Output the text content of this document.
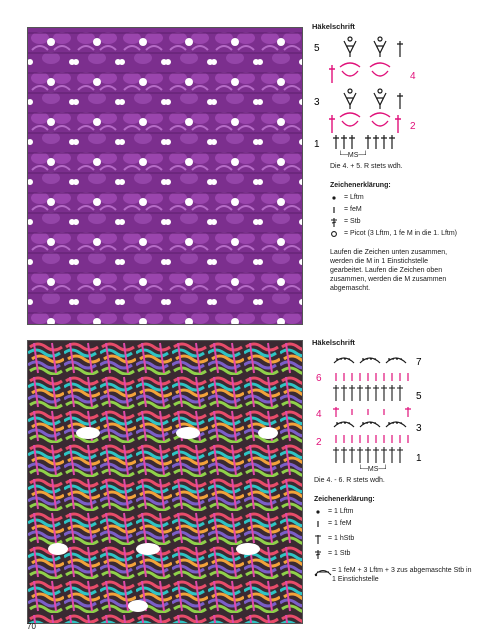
Häkelschrift
5
4
3
2
1
└─MS─┘
Die 4. + 5. R stets wdh.
Zeichenerklärung:
= Lftm
= feM
= Stb
= Picot (3 Lftm, 1 fe M in die 1. Lftm)
Laufen die Zeichen unten zusammen, werden die M in 1 Einstichstelle gearbeitet. Laufen die Zeichen oben zusammen, werden die M zusammen abgemascht.
Häkelschrift
7
6
5
4
3
2
1
└─MS─┘
Die 4. - 6. R stets wdh.
Zeichenerklärung:
= 1 Lftm
= 1 feM
= 1 hStb
= 1 Stb
= 1 feM + 3 Lftm + 3 zus abgemaschte Stb in 1 Einstichstelle
70
